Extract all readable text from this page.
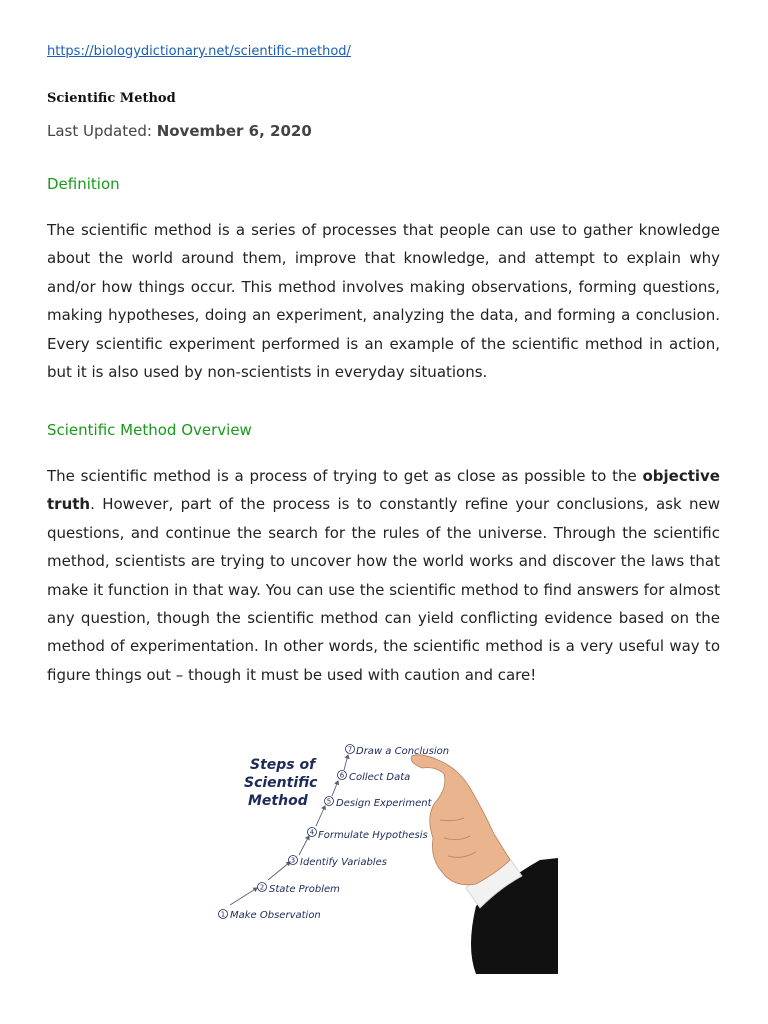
https://biologydictionary.net/scientific-method/
Scientific Method
Last Updated: November 6, 2020
Definition

The scientific method is a series of processes that people can use to gather knowledge about the world around them, improve that knowledge, and attempt to explain why and/or how things occur. This method involves making observations, forming questions, making hypotheses, doing an experiment, analyzing the data, and forming a conclusion. Every scientific experiment performed is an example of the scientific method in action, but it is also used by non-scientists in everyday situations.

Scientific Method Overview

The scientific method is a process of trying to get as close as possible to the objective truth. However, part of the process is to constantly refine your conclusions, ask new questions, and continue the search for the rules of the universe. Through the scientific method, scientists are trying to uncover how the world works and discover the laws that make it function in that way. You can use the scientific method to find answers for almost any question, though the scientific method can yield conflicting evidence based on the method of experimentation. In other words, the scientific method is a very useful way to figure things out – though it must be used with caution and care!

Steps of
Scientific
Method
1 Make Observation
2 State Problem
3 Identify Variables
4 Formulate Hypothesis
5 Design Experiment
6 Collect Data
7 Draw a Conclusion
